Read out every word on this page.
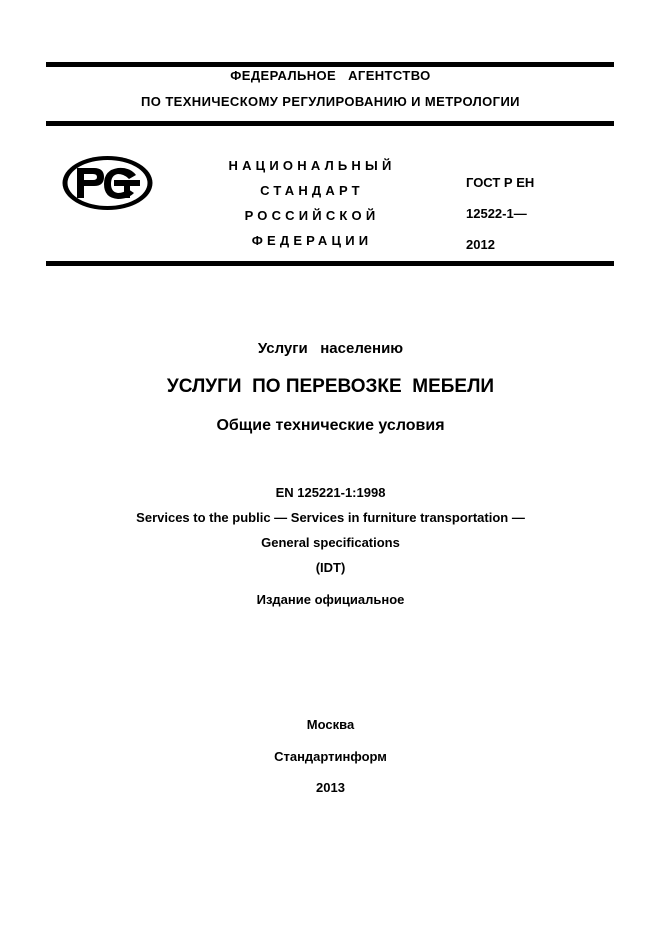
ФЕДЕРАЛЬНОЕ   АГЕНТСТВО
ПО ТЕХНИЧЕСКОМУ РЕГУЛИРОВАНИЮ И МЕТРОЛОГИИ
НАЦИОНАЛЬНЫЙ
СТАНДАРТ
РОССИЙСКОЙ
ФЕДЕРАЦИИ
ГОСТ Р ЕН
12522-1—
2012
Услуги   населению
УСЛУГИ  ПО ПЕРЕВОЗКЕ  МЕБЕЛИ
Общие технические условия
EN 125221-1:1998
Services to the public — Services in furniture transportation —
General specifications
(IDT)
Издание официальное
Москва
Стандартинформ
2013
